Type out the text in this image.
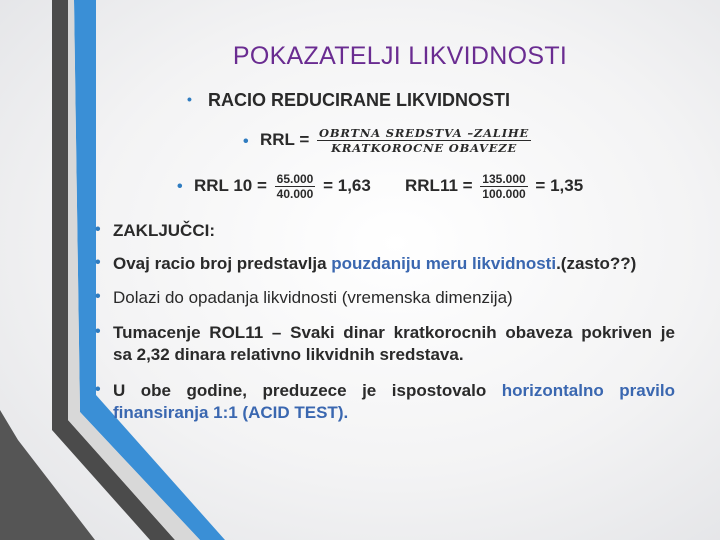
POKAZATELJI LIKVIDNOSTI
• RACIO REDUCIRANE LIKVIDNOSTI
• RRL = $\frac{\text{OBRTNA SREDSTVA –ZALIHE}}{\text{KRATKOROCNE OBAVEZE}}$
• RRL $10 = \frac{65.000}{40.000} = 1,63$ $RRL11 = \frac{135.000}{100.000} = 1,35$
• ZAKLJUČCI:
• Ovaj racio broj predstavlja pouzdaniju meru likvidnosti.(zasto??)
• Dolazi do opadanja likvidnosti (vremenska dimenzija)
• Tumacenje ROL11 – Svaki dinar kratkorocnih obaveza pokriven je
sa 2,32 dinara relativno likvidnih sredstava.
• U obe godine, preduzece je ispostovalo horizontalno pravilo
finansiranja 1:1 (ACID TEST).
